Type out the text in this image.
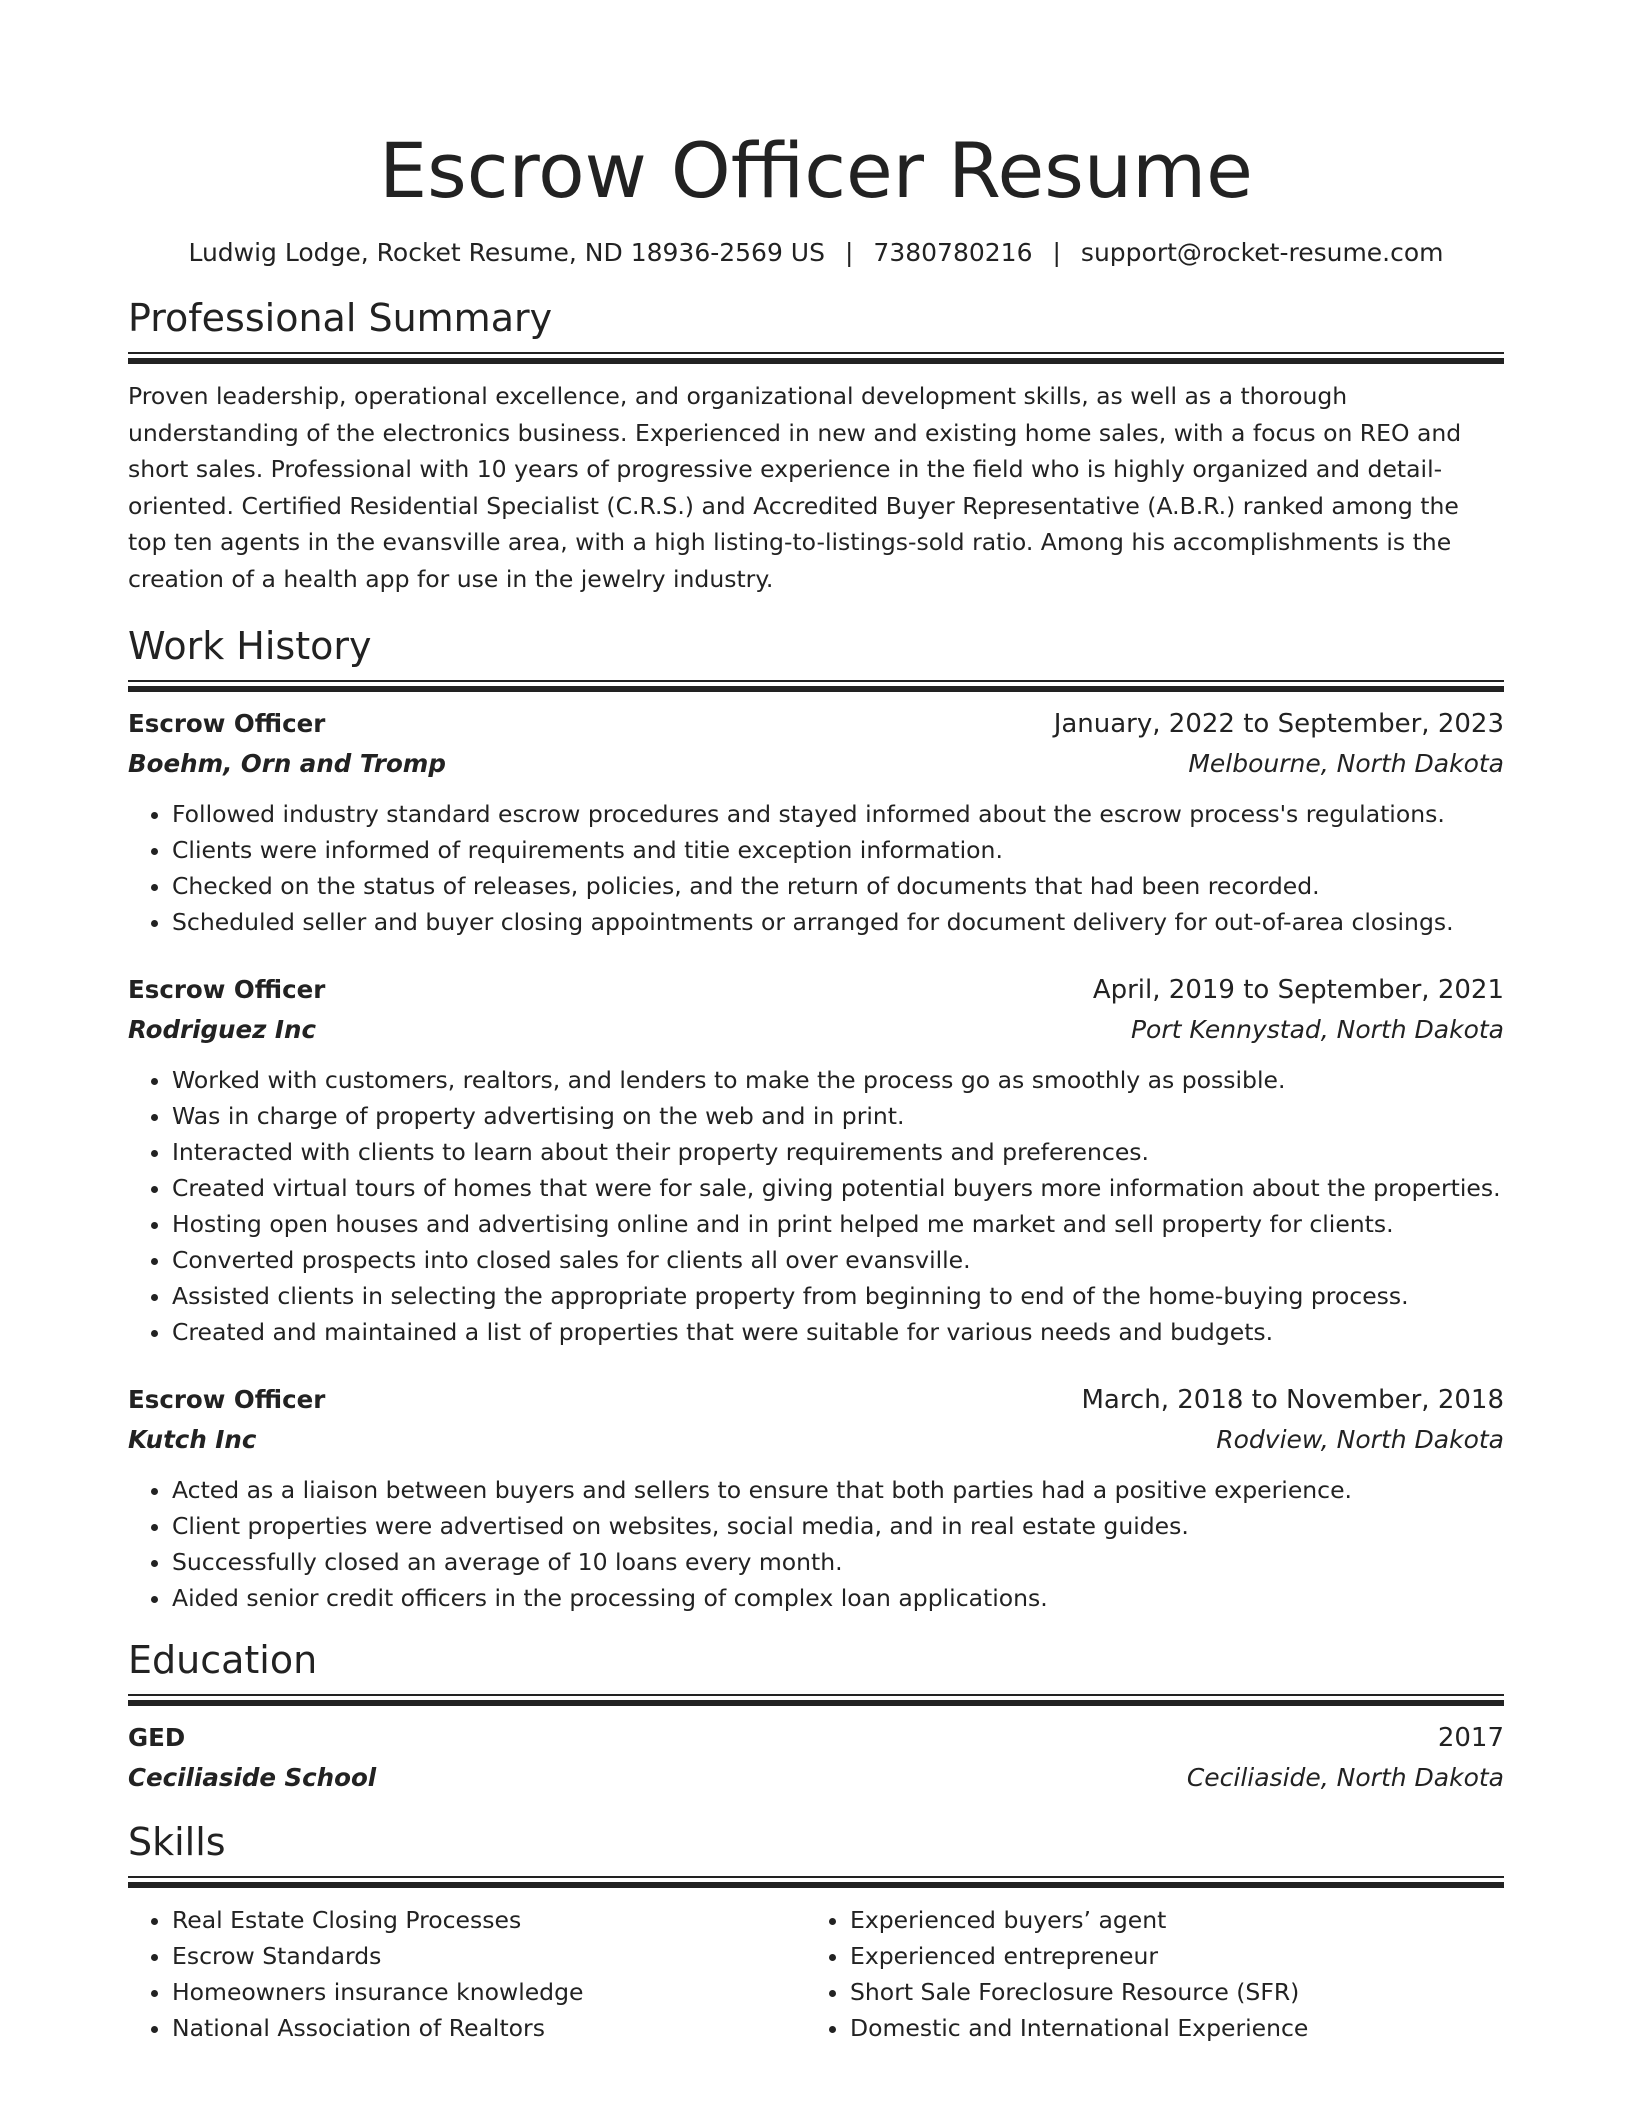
Escrow Officer Resume
Ludwig Lodge, Rocket Resume, ND 18936-2569 US | 7380780216 | support@rocket-resume.com
Professional Summary
Proven leadership, operational excellence, and organizational development skills, as well as a thorough understanding of the electronics business. Experienced in new and existing home sales, with a focus on REO and short sales. Professional with 10 years of progressive experience in the field who is highly organized and detail-oriented. Certified Residential Specialist (C.R.S.) and Accredited Buyer Representative (A.B.R.) ranked among the top ten agents in the evansville area, with a high listing-to-listings-sold ratio. Among his accomplishments is the creation of a health app for use in the jewelry industry.
Work History
Escrow Officer	January, 2022 to September, 2023
Boehm, Orn and Tromp	Melbourne, North Dakota
• Followed industry standard escrow procedures and stayed informed about the escrow process's regulations.
• Clients were informed of requirements and titie exception information.
• Checked on the status of releases, policies, and the return of documents that had been recorded.
• Scheduled seller and buyer closing appointments or arranged for document delivery for out-of-area closings.
Escrow Officer	April, 2019 to September, 2021
Rodriguez Inc	Port Kennystad, North Dakota
• Worked with customers, realtors, and lenders to make the process go as smoothly as possible.
• Was in charge of property advertising on the web and in print.
• Interacted with clients to learn about their property requirements and preferences.
• Created virtual tours of homes that were for sale, giving potential buyers more information about the properties.
• Hosting open houses and advertising online and in print helped me market and sell property for clients.
• Converted prospects into closed sales for clients all over evansville.
• Assisted clients in selecting the appropriate property from beginning to end of the home-buying process.
• Created and maintained a list of properties that were suitable for various needs and budgets.
Escrow Officer	March, 2018 to November, 2018
Kutch Inc	Rodview, North Dakota
• Acted as a liaison between buyers and sellers to ensure that both parties had a positive experience.
• Client properties were advertised on websites, social media, and in real estate guides.
• Successfully closed an average of 10 loans every month.
• Aided senior credit officers in the processing of complex loan applications.
Education
GED	2017
Ceciliaside School	Ceciliaside, North Dakota
Skills
• Real Estate Closing Processes
• Escrow Standards
• Homeowners insurance knowledge
• National Association of Realtors
• Experienced buyers’ agent
• Experienced entrepreneur
• Short Sale Foreclosure Resource (SFR)
• Domestic and International Experience
